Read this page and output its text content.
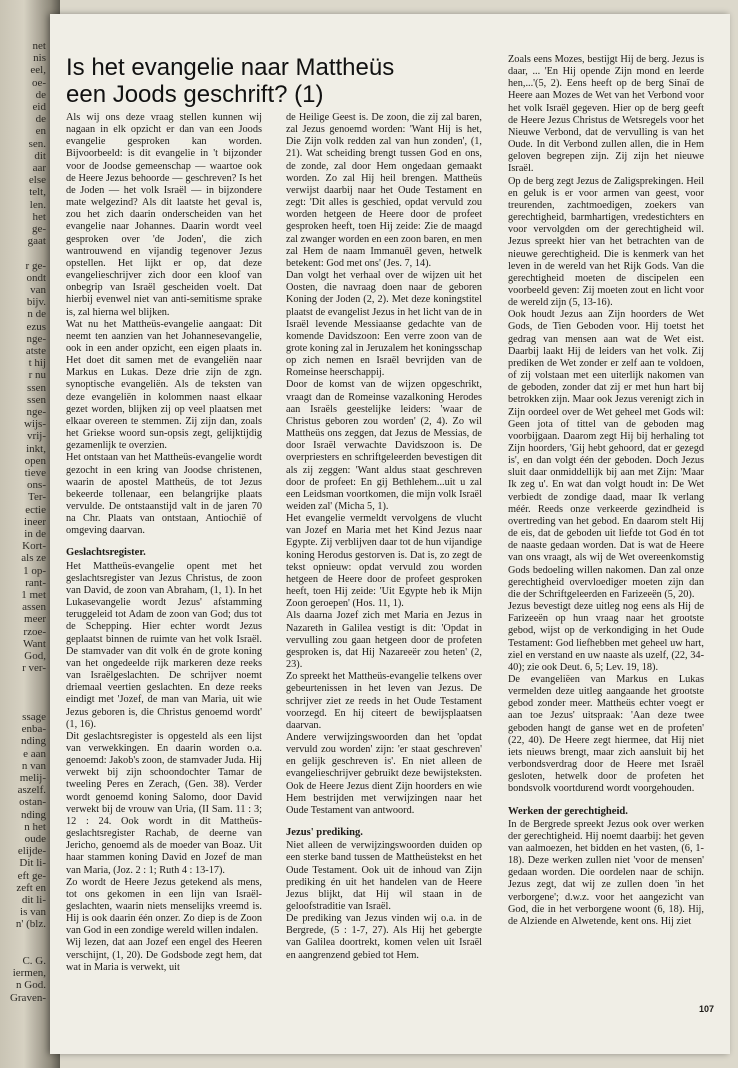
net
nis
eel,
oe-
de
eid
de
en
sen.
dit
aar
else
telt,
len.
het
ge-
gaat
r ge-
ondt
van
bijv.
n de
ezus
nge-
atste
t hij
r nu
ssen
ssen
nge-
wijs-
vrij-
inkt,
open
tieve
ons-
Ter-
ectie
ineer
in de
Kort-
als ze
1 op-
rant-
1 met
assen
meer
rzoe-
Want
God,
r ver-
ssage
enba-
nding
e aan
n van
melij-
aszelf.
ostan-
nding
n het
oude
elijde-
Dit li-
eft ge-
zeft en
dit li-
is van
n' (blz.
C. G.
iermen,
n God.
Graven-
Is het evangelie naar Mattheüs
een Joods geschrift? (1)

Als wij ons deze vraag stellen kunnen wij nagaan in elk opzicht er dan van een Joods evangelie gesproken kan worden. Bijvoorbeeld: is dit evangelie in 't bijzonder voor de Joodse gemeenschap — waartoe ook de Heere Jezus behoorde — geschreven? Is het de Joden — het volk Israël — in bijzondere mate welgezind? Als dit laatste het geval is, zou het zich daarin onderscheiden van het evangelie naar Johannes. Daarin wordt veel gesproken over 'de Joden', die zich wantrouwend en vijandig tegenover Jezus opstellen. Het lijkt er op, dat deze evangelieschrijver zich door een kloof van onbegrip van Israël gescheiden voelt. Dat hierbij evenwel niet van anti-semitisme sprake is, zal hierna wel blijken.

Wat nu het Mattheüs-evangelie aangaat: Dit neemt ten aanzien van het Johannesevangelie, ook in een ander opzicht, een eigen plaats in. Het doet dit samen met de evangeliën naar Markus en Lukas. Deze drie zijn de zgn. synoptische evangeliën. Als de teksten van deze evangeliën in kolommen naast elkaar gezet worden, blijken zij op veel plaatsen met elkaar overeen te stemmen. Zij zijn dan, zoals het Griekse woord sun-opsis zegt, gelijktijdig gezamenlijk te overzien.

Het ontstaan van het Mattheüs-evangelie wordt gezocht in een kring van Joodse christenen, waarin de apostel Mattheüs, de tot Jezus bekeerde tollenaar, een belangrijke plaats vervulde. De ontstaanstijd valt in de jaren 70 na Chr. Plaats van ontstaan, Antiochië of omgeving daarvan.

Geslachtsregister.

Het Mattheüs-evangelie opent met het geslachtsregister van Jezus Christus, de zoon van David, de zoon van Abraham, (1, 1). In het Lukasevangelie wordt Jezus' afstamming teruggeleid tot Adam de zoon van God; dus tot de Schepping. Hier echter wordt Jezus geplaatst binnen de ruimte van het volk Israël. De stamvader van dit volk én de grote koning van het ongedeelde rijk markeren deze reeks van Israëlgeslachten. De schrijver noemt driemaal veertien geslachten. En deze reeks eindigt met 'Jozef, de man van Maria, uit wie Jezus geboren is, die Christus genoemd wordt' (1, 16).

Dit geslachtsregister is opgesteld als een lijst van verwekkingen. En daarin worden o.a. genoemd: Jakob's zoon, de stamvader Juda. Hij verwekt bij zijn schoondochter Tamar de tweeling Peres en Zerach, (Gen. 38). Verder wordt genoemd koning Salomo, door David verwekt bij de vrouw van Uria, (II Sam. 11 : 3; 12 : 24. Ook wordt in dit Mattheüs-geslachtsregister Rachab, de deerne van Jericho, genoemd als de moeder van Boaz. Uit haar stammen koning David en Jozef de man van Maria, (Joz. 2 : 1; Ruth 4 : 13-17).

Zo wordt de Heere Jezus getekend als mens, tot ons gekomen in een lijn van Israël-geslachten, waarin niets menselijks vreemd is. Hij is ook daarin één onzer. Zo diep is de Zoon van God in een zondige wereld willen indalen.

Wij lezen, dat aan Jozef een engel des Heeren verschijnt, (1, 20). De Godsbode zegt hem, dat wat in Maria is verwekt, uit

de Heilige Geest is. De zoon, die zij zal baren, zal Jezus genoemd worden: 'Want Hij is het, Die Zijn volk redden zal van hun zonden', (1, 21). Wat scheiding brengt tussen God en ons, de zonde, zal door Hem ongedaan gemaakt worden. Zo zal Hij heil brengen. Mattheüs verwijst daarbij naar het Oude Testament en zegt: 'Dit alles is geschied, opdat vervuld zou worden hetgeen de Heere door de profeet gesproken heeft, toen Hij zeide: Zie de maagd zal zwanger worden en een zoon baren, en men zal Hem de naam Immanuël geven, hetwelk betekent: God met ons' (Jes. 7, 14).

Dan volgt het verhaal over de wijzen uit het Oosten, die navraag doen naar de geboren Koning der Joden (2, 2). Met deze koningstitel plaatst de evangelist Jezus in het licht van de in Israël levende Messiaanse gedachte van de komende Davidszoon: Een verre zoon van de grote koning zal in Jeruzalem het koningsschap op zich nemen en Israël bevrijden van de Romeinse heerschappij.

Door de komst van de wijzen opgeschrikt, vraagt dan de Romeinse vazalkoning Herodes aan Israëls geestelijke leiders: 'waar de Christus geboren zou worden' (2, 4). Zo wil Mattheüs ons zeggen, dat Jezus de Messias, de door Israël verwachte Davidszoon is. De overpriesters en schriftgeleerden bevestigen dit als zij zeggen: 'Want aldus staat geschreven door de profeet: En gij Bethlehem...uit u zal een Leidsman voortkomen, die mijn volk Israël weiden zal' (Micha 5, 1).

Het evangelie vermeldt vervolgens de vlucht van Jozef en Maria met het Kind Jezus naar Egypte. Zij verblijven daar tot de hun vijandige koning Herodus gestorven is. Dat is, zo zegt de tekst opnieuw: opdat vervuld zou worden hetgeen de Heere door de profeet gesproken heeft, toen Hij zeide: 'Uit Egypte heb ik Mijn Zoon geroepen' (Hos. 11, 1).

Als daarna Jozef zich met Maria en Jezus in Nazareth in Galilea vestigt is dit: 'Opdat in vervulling zou gaan hetgeen door de profeten gesproken is, dat Hij Nazareeër zou heten' (2, 23).

Zo spreekt het Mattheüs-evangelie telkens over gebeurtenissen in het leven van Jezus. De schrijver ziet ze reeds in het Oude Testament voorzegd. En hij citeert de bewijsplaatsen daarvan.

Andere verwijzingswoorden dan het 'opdat vervuld zou worden' zijn: 'er staat geschreven' en gelijk geschreven is'. En niet alleen de evangelieschrijver gebruikt deze bewijsteksten. Ook de Heere Jezus dient Zijn hoorders en wie Hem bestrijden met verwijzingen naar het Oude Testament van antwoord.

Jezus' prediking.

Niet alleen de verwijzingswoorden duiden op een sterke band tussen de Mattheüstekst en het Oude Testament. Ook uit de inhoud van Zijn prediking én uit het handelen van de Heere Jezus blijkt, dat Hij wil staan in de geloofstraditie van Israël.

De prediking van Jezus vinden wij o.a. in de Bergrede, (5 : 1-7, 27). Als Hij het gebergte van Galilea doortrekt, komen velen uit Israël en aangrenzend gebied tot Hem.

Zoals eens Mozes, bestijgt Hij de berg. Jezus is daar, ... 'En Hij opende Zijn mond en leerde hen,...'(5, 2). Eens heeft op de berg Sinaï de Heere aan Mozes de Wet van het Verbond voor het volk Israël gegeven. Hier op de berg geeft de Heere Jezus Christus de Wetsregels voor het Nieuwe Verbond, dat de vervulling is van het Oude. In dit Verbond zullen allen, die in Hem geloven begrepen zijn. Zij zijn het nieuwe Israël.

Op de berg zegt Jezus de Zaligsprekingen. Heil en geluk is er voor armen van geest, voor treurenden, zachtmoedigen, zoekers van gerechtigheid, barmhartigen, vredestichters en voor vervolgden om der gerechtigheid wil. Jezus spreekt hier van het betrachten van de nieuwe gerechtigheid. Die is kenmerk van het leven in de wereld van het Rijk Gods. Van die gerechtigheid moeten de discipelen een voorbeeld geven: Zij moeten zout en licht voor de wereld zijn (5, 13-16).

Ook houdt Jezus aan Zijn hoorders de Wet Gods, de Tien Geboden voor. Hij toetst het gedrag van mensen aan wat de Wet eist. Daarbij laakt Hij de leiders van het volk. Zij prediken de Wet zonder er zelf aan te voldoen, of zij volstaan met een uiterlijk nakomen van de geboden, zonder dat zij er met hun hart bij betrokken zijn. Maar ook Jezus verenigt zich in Zijn oordeel over de Wet geheel met Gods wil: Geen jota of tittel van de geboden mag voorbijgaan. Daarom zegt Hij bij herhaling tot Zijn hoorders, 'Gij hebt gehoord, dat er gezegd is', en dan volgt één der geboden. Doch Jezus sluit daar onmiddellijk bij aan met Zijn: 'Maar Ik zeg u'. En wat dan volgt houdt in: De Wet verbiedt de zondige daad, maar Ik verlang méér. Reeds onze verkeerde gezindheid is overtreding van het gebod. En daarom stelt Hij de eis, dat de geboden uit liefde tot God én tot de naaste gedaan worden. Dat is wat de Heere van ons vraagt, als wij de Wet overeenkomstig Gods bedoeling willen nakomen. Dan zal onze gerechtigheid overvloediger moeten zijn dan die der Schriftgeleerden en Farizeeën (5, 20).

Jezus bevestigt deze uitleg nog eens als Hij de Farizeeën op hun vraag naar het grootste gebod, wijst op de verkondiging in het Oude Testament: God liefhebben met geheel uw hart, ziel en verstand en uw naaste als uzelf, (22, 34-40); zie ook Deut. 6, 5; Lev. 19, 18).

De evangeliëen van Markus en Lukas vermelden deze uitleg aangaande het grootste gebod zonder meer. Mattheüs echter voegt er aan toe Jezus' uitspraak: 'Aan deze twee geboden hangt de ganse wet en de profeten' (22, 40). De Heere zegt hiermee, dat Hij niet iets nieuws brengt, maar zich aansluit bij het verbondsverdrag door de Heere met Israël gesloten, hetwelk door de profeten het bondsvolk voortdurend wordt voorgehouden.

Werken der gerechtigheid.

In de Bergrede spreekt Jezus ook over werken der gerechtigheid. Hij noemt daarbij: het geven van aalmoezen, het bidden en het vasten, (6, 1-18). Deze werken zullen niet 'voor de mensen' gedaan worden. Die oordelen naar de schijn. Jezus zegt, dat wij ze zullen doen 'in het verborgene'; d.w.z. voor het aangezicht van God, die in het verborgene woont (6, 18). Hij, de Alziende en Alwetende, kent ons. Hij ziet

107
